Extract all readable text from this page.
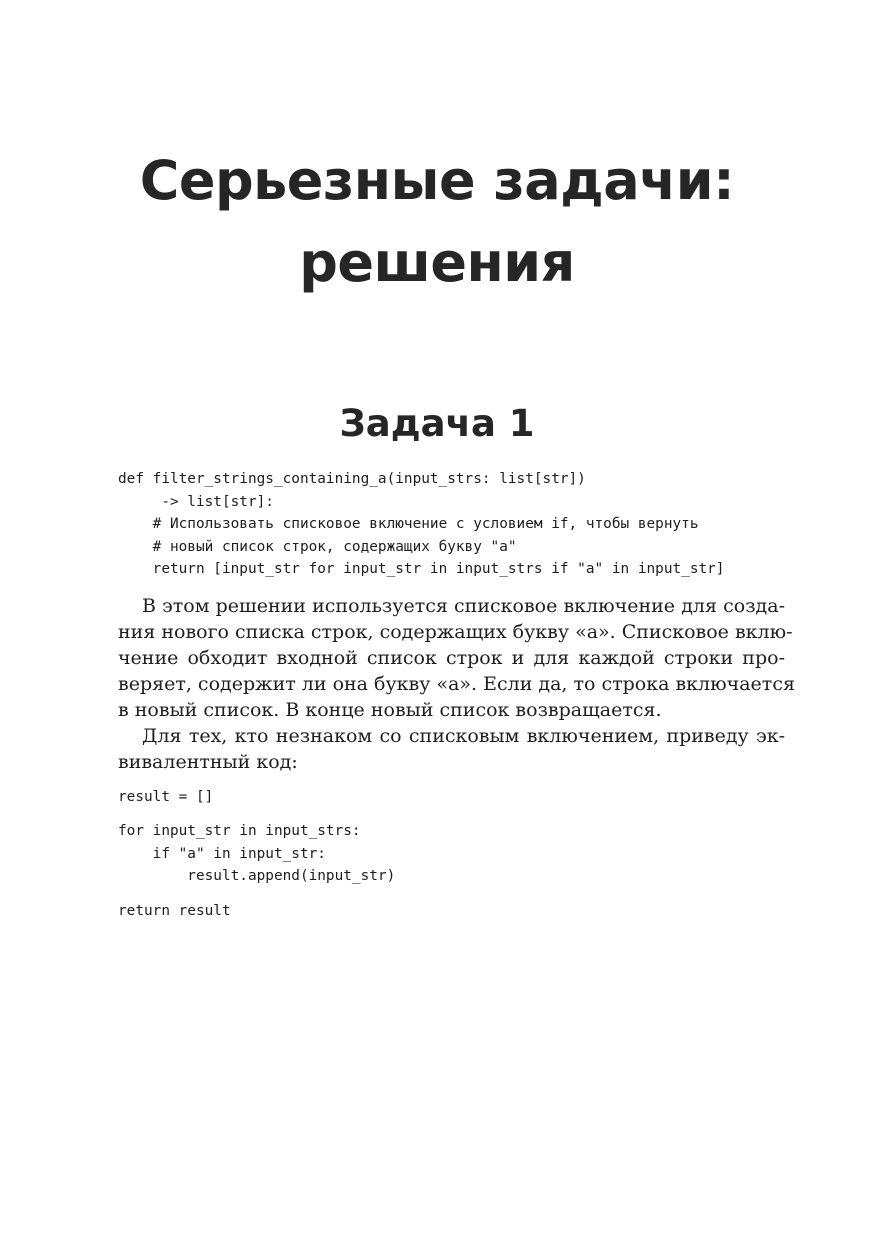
Серьезные задачи:
решения
Задача 1
def filter_strings_containing_a(input_strs: list[str])
-> list[str]:
# Использовать списковое включение с условием if, чтобы вернуть
# новый список строк, содержащих букву "a"
return [input_str for input_str in input_strs if "a" in input_str]
В этом решении используется списковое включение для созда-
ния нового списка строк, содержащих букву «а». Списковое вклю-
чение обходит входной список строк и для каждой строки про-
веряет, содержит ли она букву «а». Если да, то строка включается
в новый список. В конце новый список возвращается.
Для тех, кто незнаком со списковым включением, приведу эк-
вивалентный код:
result = []
for input_str in input_strs:
if "a" in input_str:
result.append(input_str)
return result
